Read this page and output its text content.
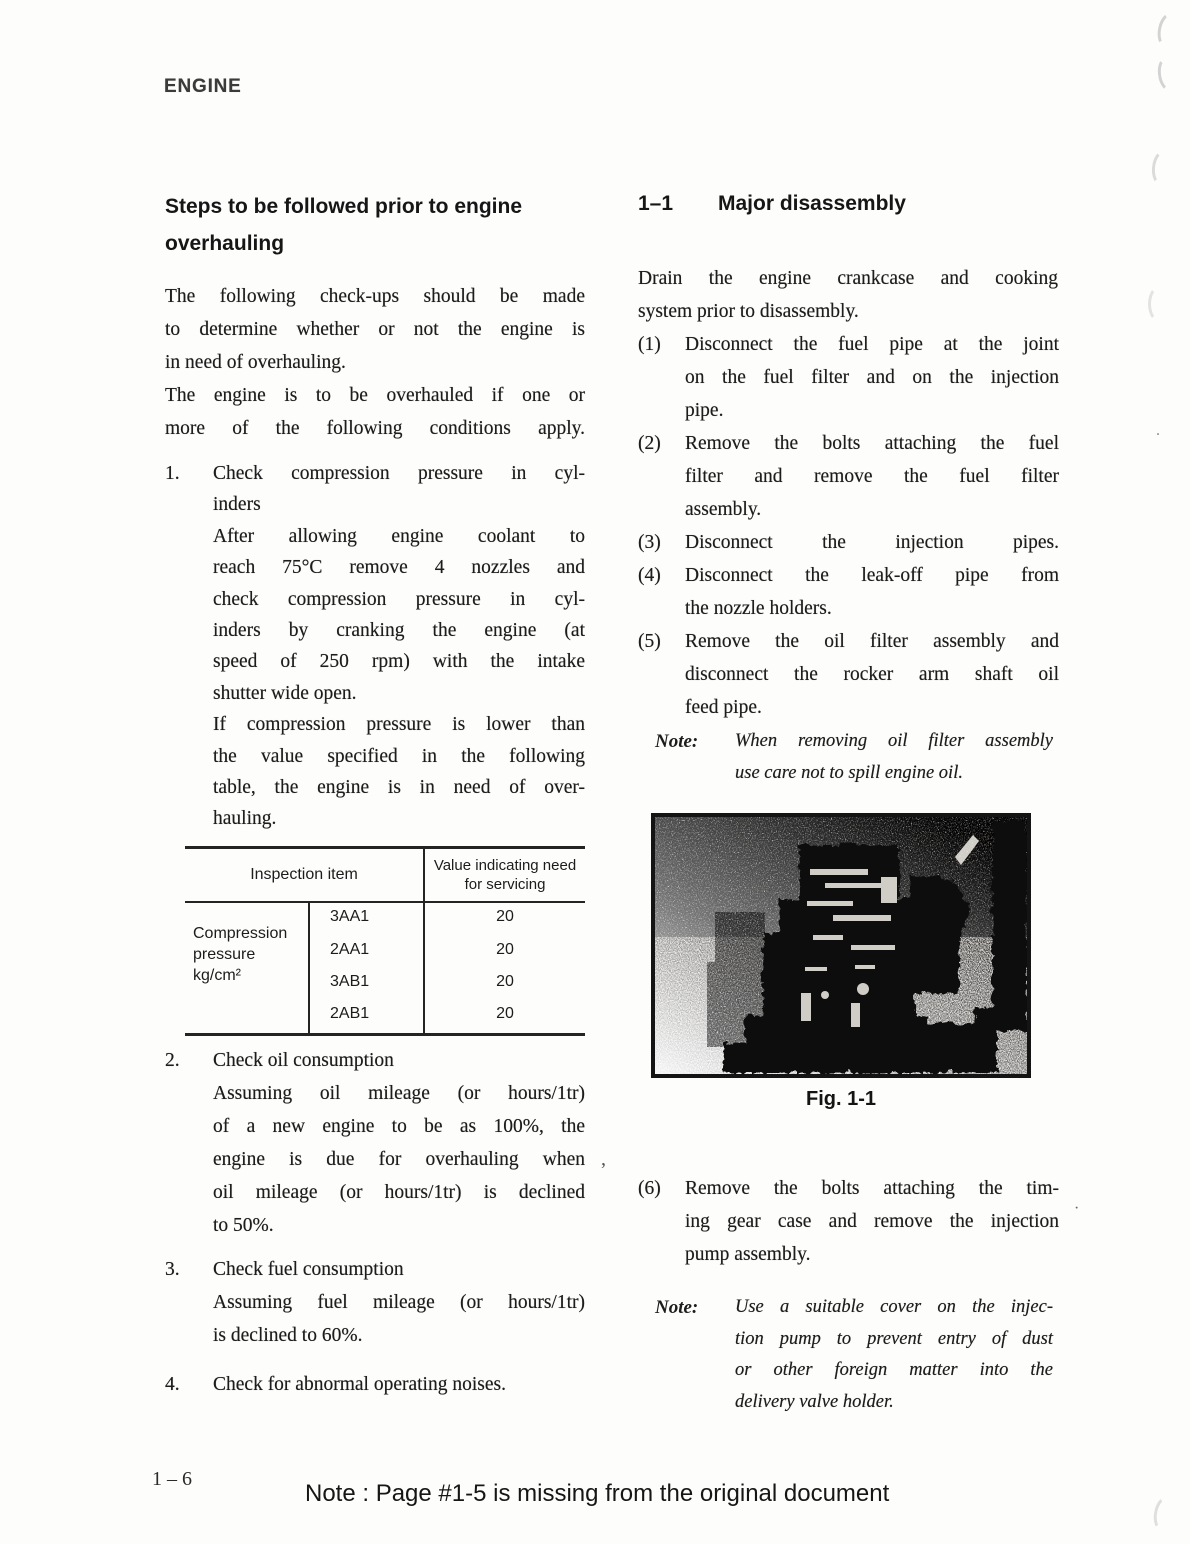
ENGINE
Steps to be followed prior to engine
overhauling
The following check-ups should be made
to determine whether or not the engine is
in need of overhauling.
The engine is to be overhauled if one or
more of the following conditions apply.
1. Check compression pressure in cyl-
inders
After allowing engine coolant to
reach 75°C remove 4 nozzles and
check compression pressure in cyl-
inders by cranking the engine (at
speed of 250 rpm) with the intake
shutter wide open.
If compression pressure is lower than
the value specified in the following
table, the engine is in need of over-
hauling.
Inspection item
Value indicating need
for servicing
Compression
pressure
kg/cm²
3AA1
2AA1
3AB1
2AB1
20
20
20
20
2. Check oil consumption
Assuming oil mileage (or hours/1tr)
of a new engine to be as 100%, the
engine is due for overhauling when
oil mileage (or hours/1tr) is declined
to 50%.
3. Check fuel consumption
Assuming fuel mileage (or hours/1tr)
is declined to 60%.
4. Check for abnormal operating noises.
1–1 Major disassembly
Drain the engine crankcase and cooking
system prior to disassembly.
(1) Disconnect the fuel pipe at the joint
on the fuel filter and on the injection
pipe.
(2) Remove the bolts attaching the fuel
filter and remove the fuel filter
assembly.
(3) Disconnect the injection pipes.
(4) Disconnect the leak-off pipe from
the nozzle holders.
(5) Remove the oil filter assembly and
disconnect the rocker arm shaft oil
feed pipe.
Note: When removing oil filter assembly
use care not to spill engine oil.
Fig. 1-1
(6) Remove the bolts attaching the tim-
ing gear case and remove the injection
pump assembly.
Note: Use a suitable cover on the injec-
tion pump to prevent entry of dust
or other foreign matter into the
delivery valve holder.
1 – 6
Note : Page #1-5 is missing from the original document
.
,
·
